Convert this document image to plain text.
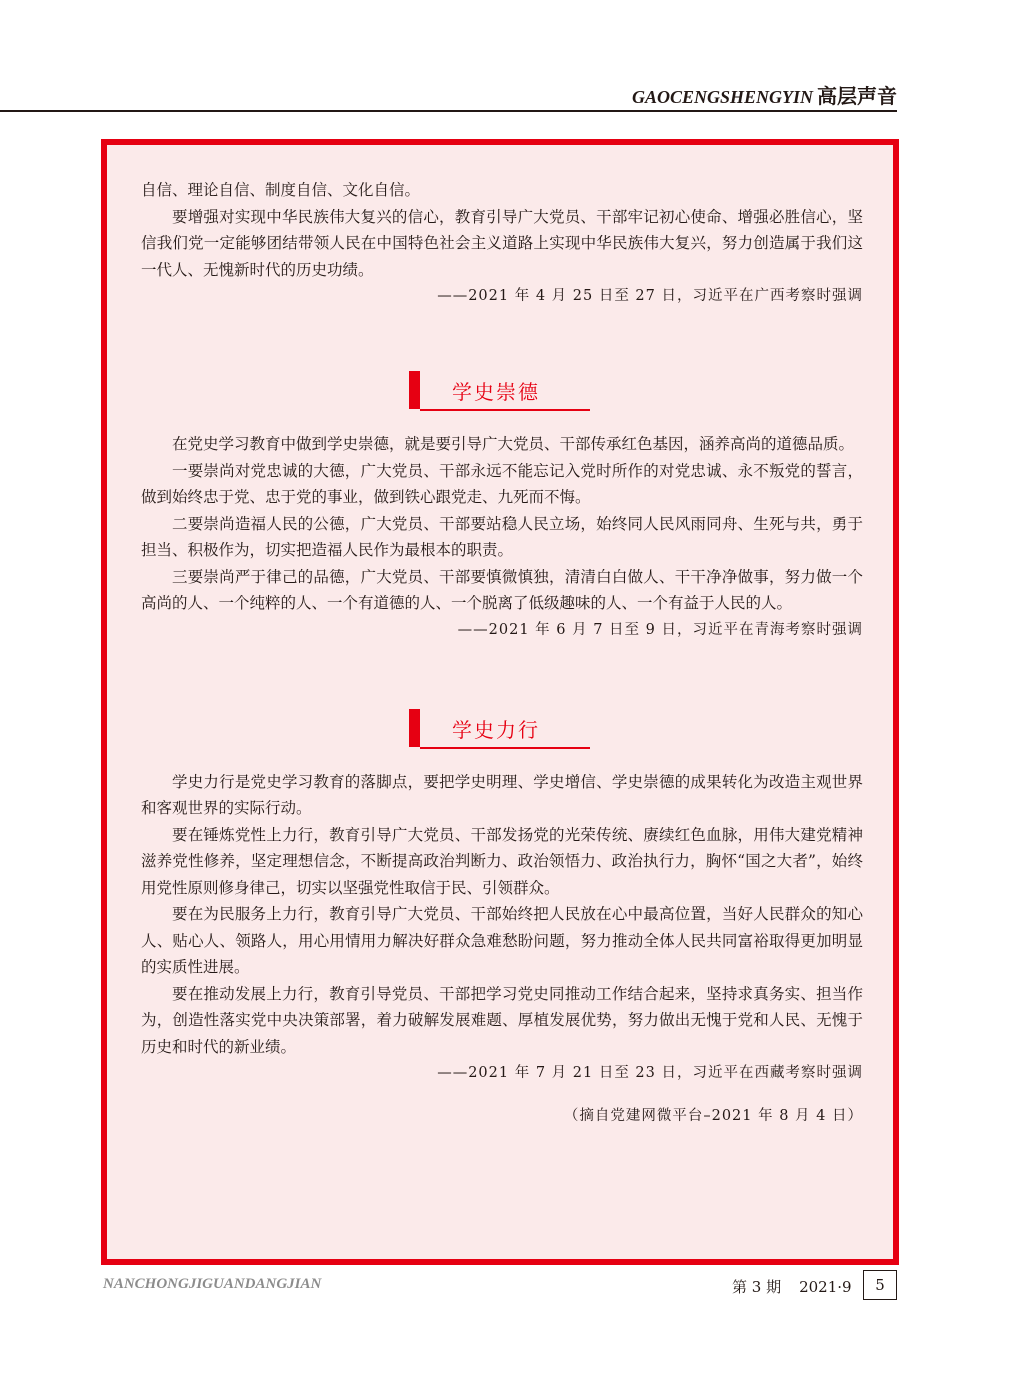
GAOCENGSHENGYIN 高层声音

自信、理论自信、制度自信、文化自信。

要增强对实现中华民族伟大复兴的信心，教育引导广大党员、干部牢记初心使命、增强必胜信心，坚信我们党一定能够团结带领人民在中国特色社会主义道路上实现中华民族伟大复兴，努力创造属于我们这一代人、无愧新时代的历史功绩。

——2021 年 4 月 25 日至 27 日，习近平在广西考察时强调
学史崇德

在党史学习教育中做到学史崇德，就是要引导广大党员、干部传承红色基因，涵养高尚的道德品质。

一要崇尚对党忠诚的大德，广大党员、干部永远不能忘记入党时所作的对党忠诚、永不叛党的誓言，做到始终忠于党、忠于党的事业，做到铁心跟党走、九死而不悔。

二要崇尚造福人民的公德，广大党员、干部要站稳人民立场，始终同人民风雨同舟、生死与共，勇于担当、积极作为，切实把造福人民作为最根本的职责。

三要崇尚严于律己的品德，广大党员、干部要慎微慎独，清清白白做人、干干净净做事，努力做一个高尚的人、一个纯粹的人、一个有道德的人、一个脱离了低级趣味的人、一个有益于人民的人。

——2021 年 6 月 7 日至 9 日，习近平在青海考察时强调
学史力行

学史力行是党史学习教育的落脚点，要把学史明理、学史增信、学史崇德的成果转化为改造主观世界和客观世界的实际行动。

要在锤炼党性上力行，教育引导广大党员、干部发扬党的光荣传统、赓续红色血脉，用伟大建党精神滋养党性修养，坚定理想信念，不断提高政治判断力、政治领悟力、政治执行力，胸怀“国之大者”，始终用党性原则修身律己，切实以坚强党性取信于民、引领群众。

要在为民服务上力行，教育引导广大党员、干部始终把人民放在心中最高位置，当好人民群众的知心人、贴心人、领路人，用心用情用力解决好群众急难愁盼问题，努力推动全体人民共同富裕取得更加明显的实质性进展。

要在推动发展上力行，教育引导党员、干部把学习党史同推动工作结合起来，坚持求真务实、担当作为，创造性落实党中央决策部署，着力破解发展难题、厚植发展优势，努力做出无愧于党和人民、无愧于历史和时代的新业绩。

——2021 年 7 月 21 日至 23 日，习近平在西藏考察时强调
（摘自党建网微平台–2021 年 8 月 4 日）
NANCHONGJIGUANDANGJIAN	第 3 期 2021·9	5
